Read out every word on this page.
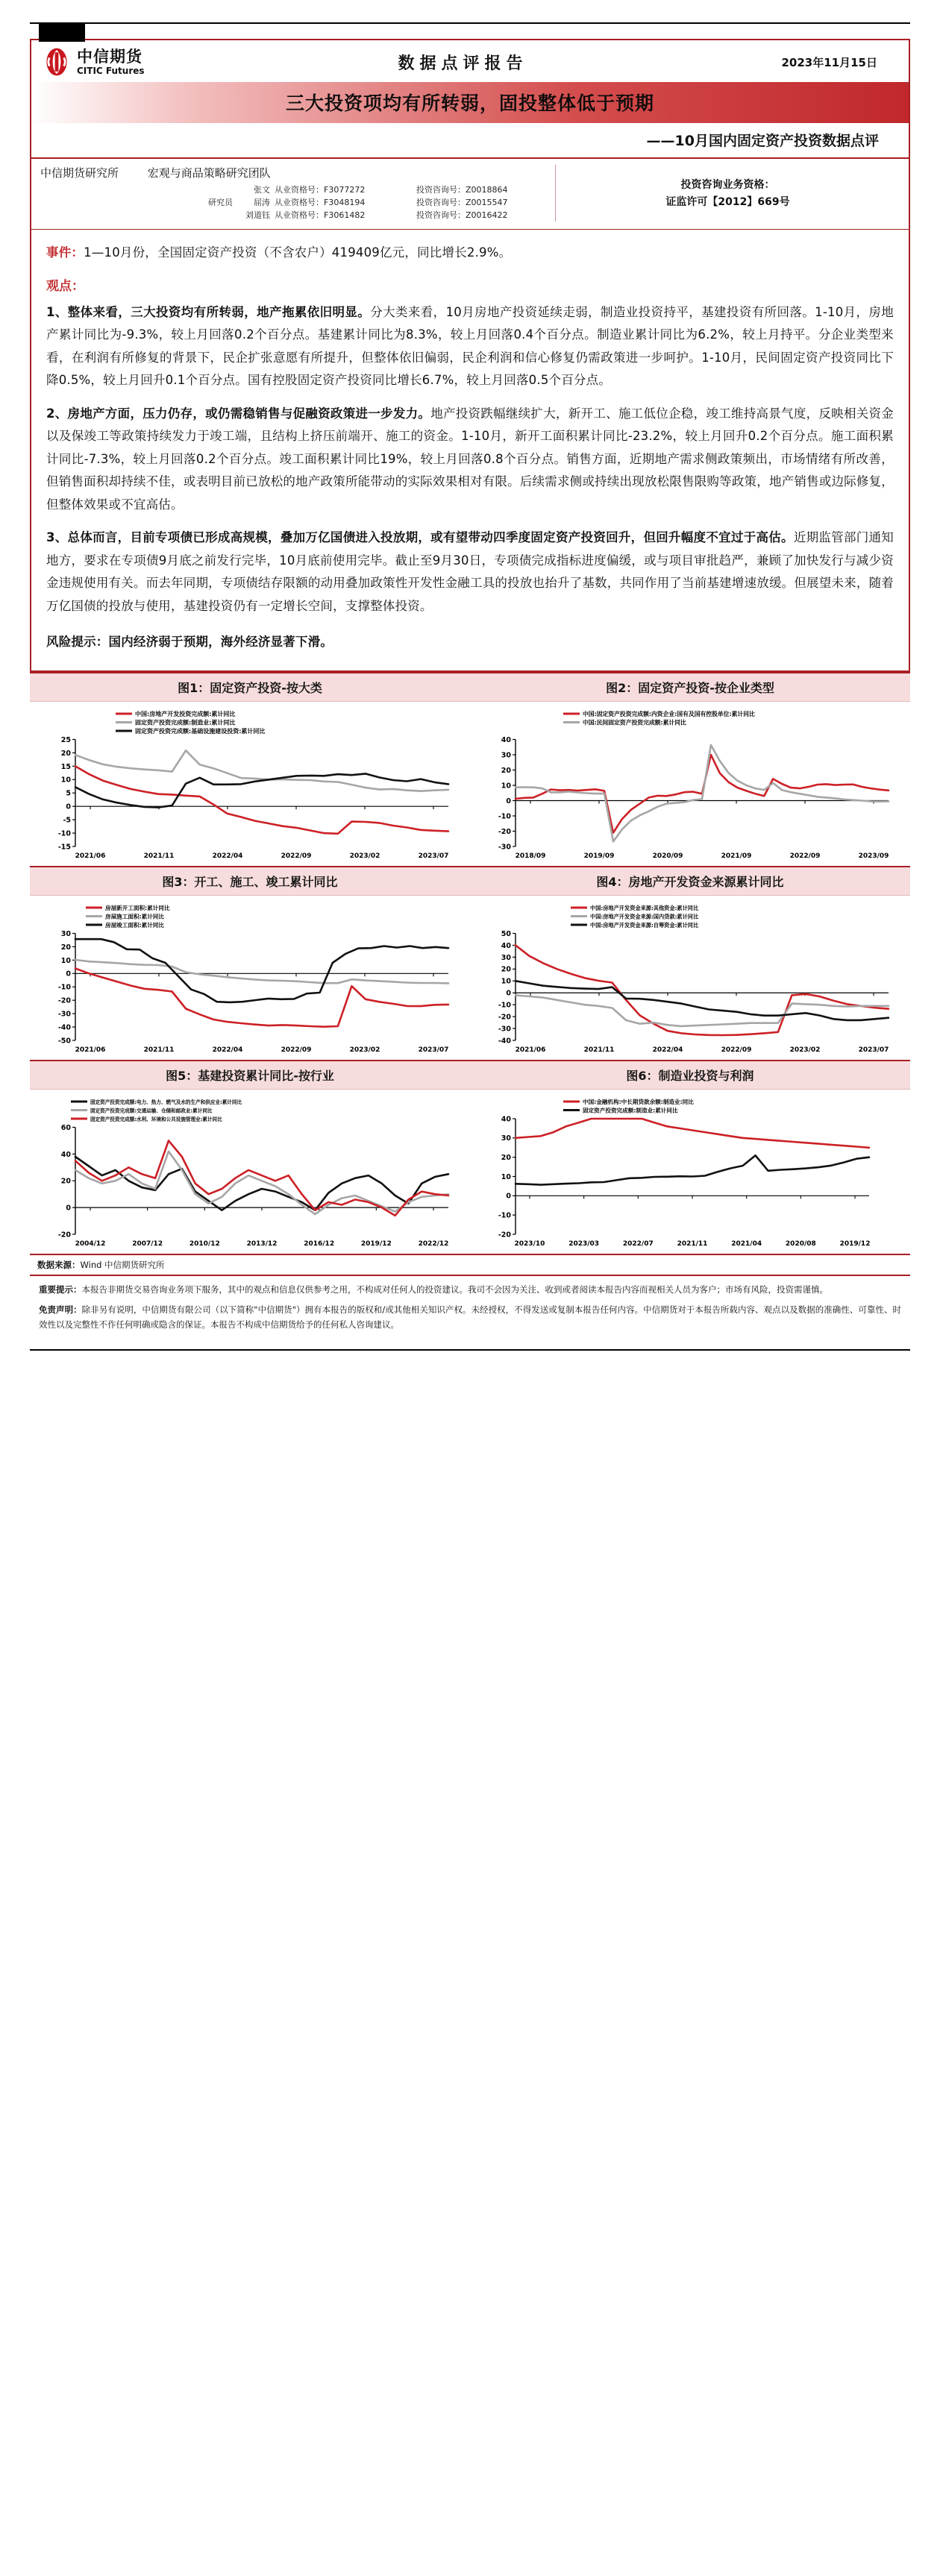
中信期货
CITIC Futures	数据点评报告	2023年11月15日
三大投资项均有所转弱，固投整体低于预期
——10月国内固定资产投资数据点评
中信期货研究所	宏观与商品策略研究团队
张文 从业资格号：F3077272	投资咨询号：Z0018864
研究员	屈涛 从业资格号：F3048194	投资咨询号：Z0015547
刘道钰 从业资格号：F3061482	投资咨询号：Z0016422
投资咨询业务资格：
证监许可【2012】669号
事件：1—10月份，全国固定资产投资（不含农户）419409亿元，同比增长2.9%。
观点：
1、整体来看，三大投资均有所转弱，地产拖累依旧明显。分大类来看，10月房地产投资延续走弱，制造业投资持平，基建投资有所回落。1-10月，房地产累计同比为-9.3%，较上月回落0.2个百分点。基建累计同比为8.3%，较上月回落0.4个百分点。制造业累计同比为6.2%，较上月持平。分企业类型来看，在利润有所修复的背景下，民企扩张意愿有所提升，但整体依旧偏弱，民企利润和信心修复仍需政策进一步呵护。1-10月，民间固定资产投资同比下降0.5%，较上月回升0.1个百分点。国有控股固定资产投资同比增长6.7%，较上月回落0.5个百分点。
2、房地产方面，压力仍存，或仍需稳销售与促融资政策进一步发力。地产投资跌幅继续扩大，新开工、施工低位企稳，竣工维持高景气度，反映相关资金以及保竣工等政策持续发力于竣工端，且结构上挤压前端开、施工的资金。1-10月，新开工面积累计同比-23.2%，较上月回升0.2个百分点。施工面积累计同比-7.3%，较上月回落0.2个百分点。竣工面积累计同比19%，较上月回落0.8个百分点。销售方面，近期地产需求侧政策频出，市场情绪有所改善，但销售面积却持续不佳，或表明目前已放松的地产政策所能带动的实际效果相对有限。后续需求侧或持续出现放松限售限购等政策，地产销售或边际修复，但整体效果或不宜高估。
3、总体而言，目前专项债已形成高规模，叠加万亿国债进入投放期，或有望带动四季度固定资产投资回升，但回升幅度不宜过于高估。近期监管部门通知地方，要求在专项债9月底之前发行完毕，10月底前使用完毕。截止至9月30日，专项债完成指标进度偏缓，或与项目审批趋严，兼顾了加快发行与减少资金违规使用有关。而去年同期，专项债结存限额的动用叠加政策性开发性金融工具的投放也抬升了基数，共同作用了当前基建增速放缓。但展望未来，随着万亿国债的投放与使用，基建投资仍有一定增长空间，支撑整体投资。
风险提示：国内经济弱于预期，海外经济显著下滑。
图1：固定资产投资-按大类	图2：固定资产投资-按企业类型
-15
-10
-5
0
5
10
15
20
25
2021/06	2021/11	2022/04	2022/09	2023/02	2023/07
中国:房地产开发投资完成额:累计同比
固定资产投资完成额:制造业:累计同比
固定资产投资完成额:基础设施建设投资:累计同比
-30
-20
-10
0
10
20
30
40
2018/09	2019/09	2020/09	2021/09	2022/09	2023/09
中国:固定资产投资完成额:内资企业:国有及国有控股单位:累计同比
中国:民间固定资产投资完成额:累计同比
图3：开工、施工、竣工累计同比	图4：房地产开发资金来源累计同比
-50
-40
-30
-20
-10
0
10
20
30
2021/06	2021/11	2022/04	2022/09	2023/02	2023/07
房屋新开工面积:累计同比
房屋施工面积:累计同比
房屋竣工面积:累计同比
-40
-30
-20
-10
0
10
20
30
40
50
2021/06	2021/11	2022/04	2022/09	2023/02	2023/07
中国:房地产开发资金来源:其他资金:累计同比
中国:房地产开发资金来源:国内贷款:累计同比
中国:房地产开发资金来源:自筹资金:累计同比
图5：基建投资累计同比-按行业	图6：制造业投资与利润
-20
0
20
40
60
2004/12	2007/12	2010/12	2013/12	2016/12	2019/12	2022/12
固定资产投资完成额:电力、热力、燃气及水的生产和供应业:累计同比
固定资产投资完成额:交通运输、仓储和邮政业:累计同比
固定资产投资完成额:水利、环境和公共设施管理业:累计同比
-20
-10
0
10
20
30
40
2023/10	2023/03	2022/07	2021/11	2021/04	2020/08	2019/12
中国:金融机构:中长期贷款余额:制造业:同比
固定资产投资完成额:制造业:累计同比
数据来源：Wind 中信期货研究所

重要提示：本报告非期货交易咨询业务项下服务，其中的观点和信息仅供参考之用，不构成对任何人的投资建议。我司不会因为关注、收到或者阅读本报告内容而视相关人员为客户；市场有风险，投资需谨慎。

免责声明：除非另有说明，中信期货有限公司（以下简称"中信期货"）拥有本报告的版权和/或其他相关知识产权。未经授权，不得发送或复制本报告任何内容。中信期货对于本报告所载内容、观点以及数据的准确性、可靠性、时效性以及完整性不作任何明确或隐含的保证。本报告不构成中信期货给予的任何私人咨询建议。
